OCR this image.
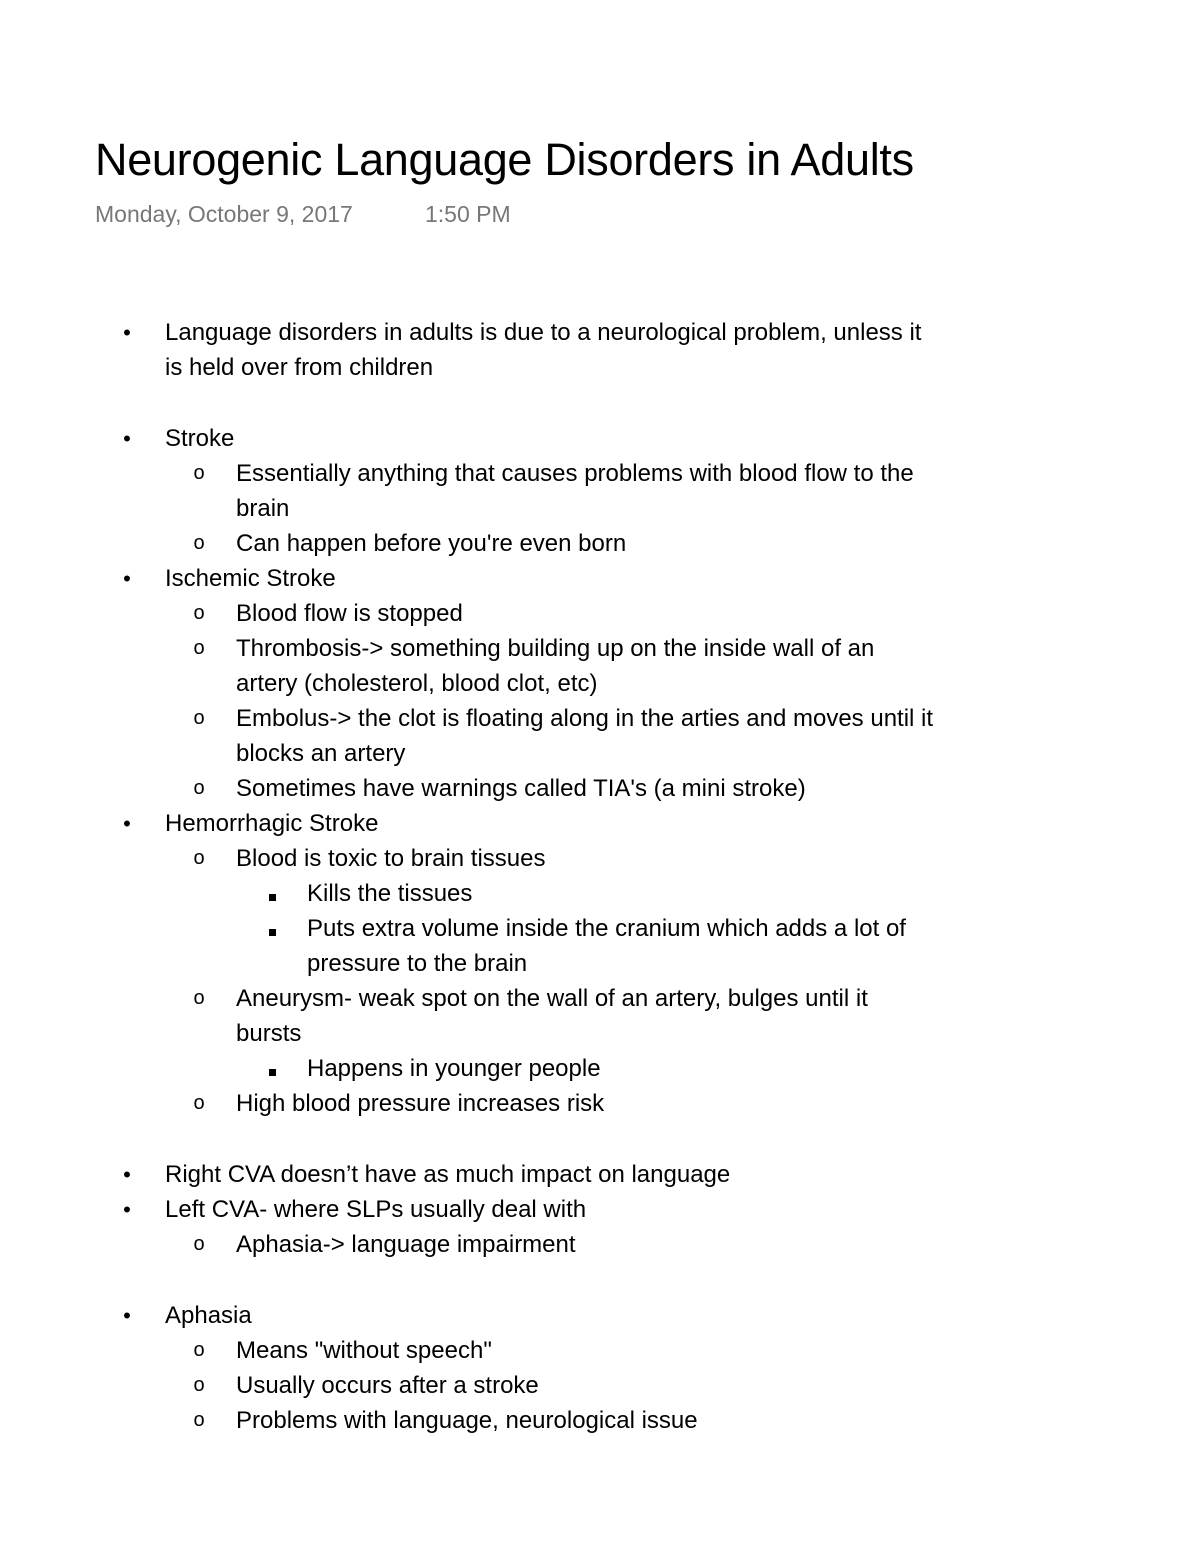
Neurogenic Language Disorders in Adults
Monday, October 9, 2017	1:50 PM
• Language disorders in adults is due to a neurological problem, unless it
is held over from children
• Stroke
o Essentially anything that causes problems with blood flow to the
brain
o Can happen before you're even born
• Ischemic Stroke
o Blood flow is stopped
o Thrombosis-> something building up on the inside wall of an
artery (cholesterol, blood clot, etc)
o Embolus-> the clot is floating along in the arties and moves until it
blocks an artery
o Sometimes have warnings called TIA's (a mini stroke)
• Hemorrhagic Stroke
o Blood is toxic to brain tissues
Kills the tissues
Puts extra volume inside the cranium which adds a lot of
pressure to the brain
o Aneurysm- weak spot on the wall of an artery, bulges until it
bursts
Happens in younger people
o High blood pressure increases risk
• Right CVA doesn’t have as much impact on language
• Left CVA- where SLPs usually deal with
o Aphasia-> language impairment
• Aphasia
o Means "without speech"
o Usually occurs after a stroke
o Problems with language, neurological issue
